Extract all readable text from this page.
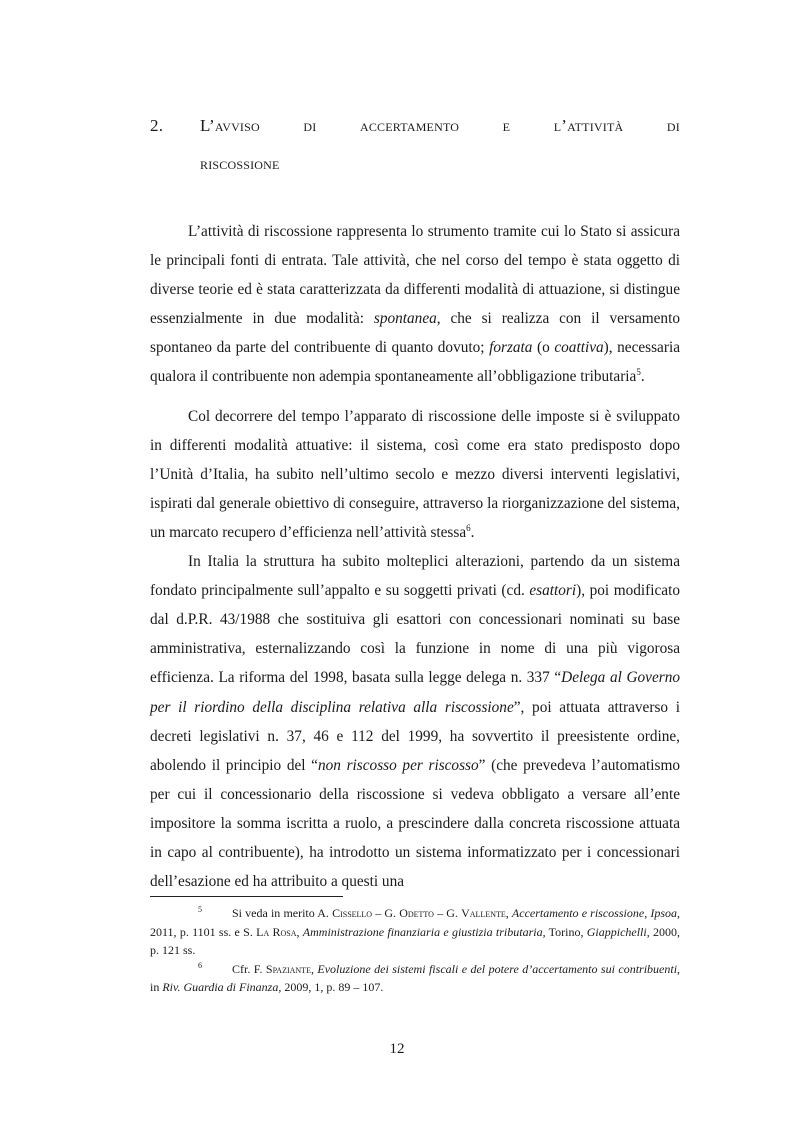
2. L’avviso	di	accertamento	e	l’attività	di
riscossione

L’attività di riscossione rappresenta lo strumento tramite cui lo Stato si assicura le principali fonti di entrata. Tale attività, che nel corso del tempo è stata oggetto di diverse teorie ed è stata caratterizzata da differenti modalità di attuazione, si distingue essenzialmente in due modalità: spontanea, che si realizza con il versamento spontaneo da parte del contribuente di quanto dovuto; forzata (o coattiva), necessaria qualora il contribuente non adempia spontaneamente all’obbligazione tributaria$^5$.

Col decorrere del tempo l’apparato di riscossione delle imposte si è sviluppato in differenti modalità attuative: il sistema, così come era stato predisposto dopo l’Unità d’Italia, ha subito nell’ultimo secolo e mezzo diversi interventi legislativi, ispirati dal generale obiettivo di conseguire, attraverso la riorganizzazione del sistema, un marcato recupero d’efficienza nell’attività stessa$^6$.

In Italia la struttura ha subito molteplici alterazioni, partendo da un sistema fondato principalmente sull’appalto e su soggetti privati (cd. esattori), poi modificato dal d.P.R. 43/1988 che sostituiva gli esattori con concessionari nominati su base amministrativa, esternalizzando così la funzione in nome di una più vigorosa efficienza. La riforma del 1998, basata sulla legge delega n. 337 “Delega al Governo per il riordino della disciplina relativa alla riscossione”, poi attuata attraverso i decreti legislativi n. 37, 46 e 112 del 1999, ha sovvertito il preesistente ordine, abolendo il principio del “non riscosso per riscosso” (che prevedeva l’automatismo per cui il concessionario della riscossione si vedeva obbligato a versare all’ente impositore la somma iscritta a ruolo, a prescindere dalla concreta riscossione attuata in capo al contribuente), ha introdotto un sistema informatizzato per i concessionari dell’esazione ed ha attribuito a questi una

$^5$	Si veda in merito A. Cissello – G. Odetto – G. Vallente, Accertamento e riscossione, Ipsoa, 2011, p. 1101 ss. e S. La Rosa, Amministrazione finanziaria e giustizia tributaria, Torino, Giappichelli, 2000, p. 121 ss.

$^6$	Cfr. F. Spaziante, Evoluzione dei sistemi fiscali e del potere d’accertamento sui contribuenti, in Riv. Guardia di Finanza, 2009, 1, p. 89 – 107.

12
